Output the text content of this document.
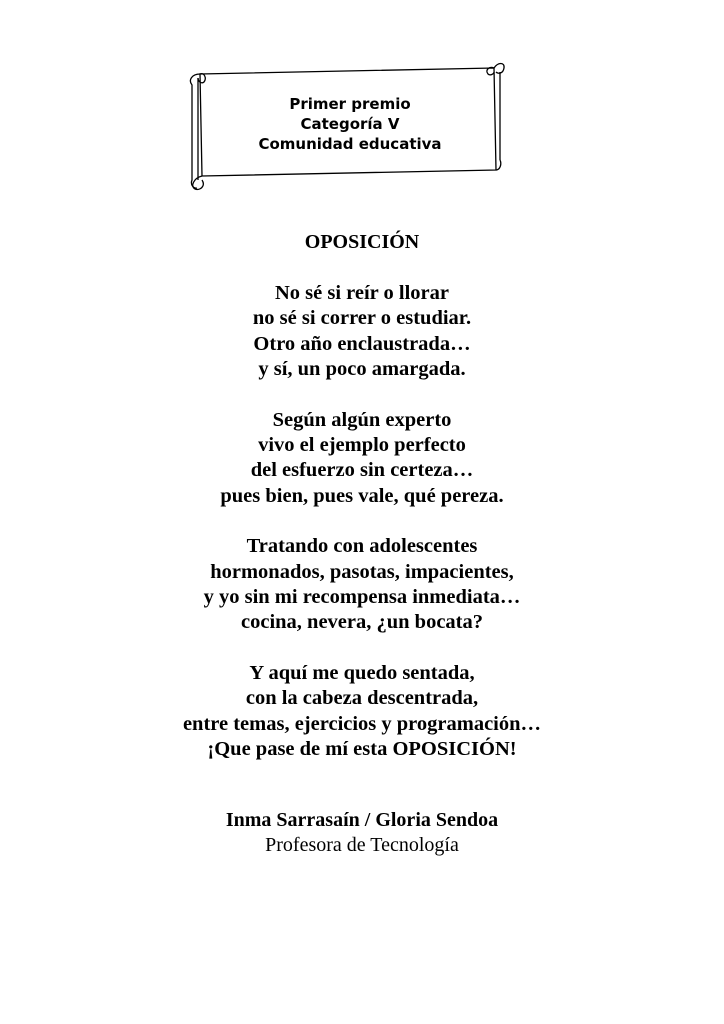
Primer premio
Categoría V
Comunidad educativa
OPOSICIÓN
No sé si reír o llorar
no sé si correr o estudiar.
Otro año enclaustrada…
y sí, un poco amargada.
Según algún experto
vivo el ejemplo perfecto
del esfuerzo sin certeza…
pues bien, pues vale, qué pereza.
Tratando con adolescentes
hormonados, pasotas, impacientes,
y yo sin mi recompensa inmediata…
cocina, nevera, ¿un bocata?
Y aquí me quedo sentada,
con la cabeza descentrada,
entre temas, ejercicios y programación…
¡Que pase de mí esta OPOSICIÓN!
Inma Sarrasaín / Gloria Sendoa
Profesora de Tecnología
